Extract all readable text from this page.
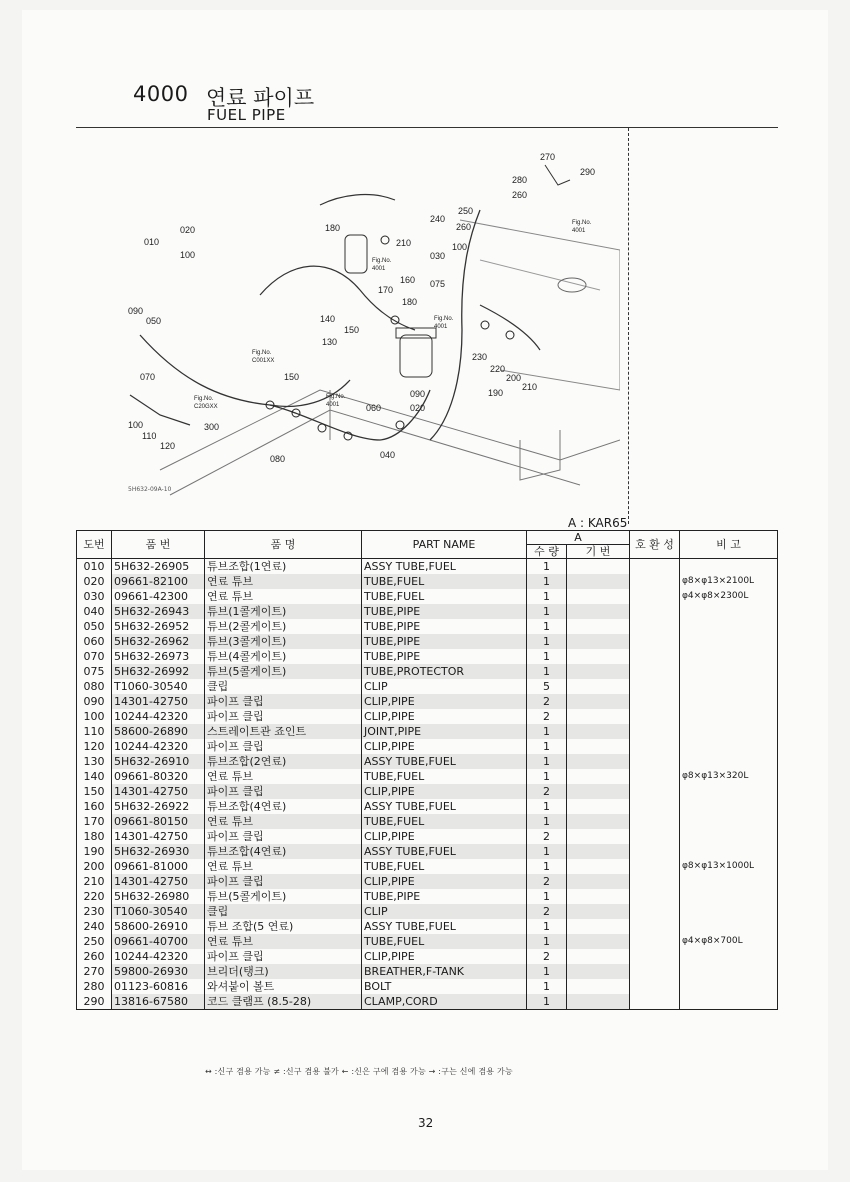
4000 연료 파이프
FUEL PIPE
010
020
100
090
050
070
100
110
120
300
080
150
140
150
130
180
210
160
170
180
060
090
020
040
030
075
100
240
250
260
270
280
260
290
230
220
200
210
190
Fig.No.
4001
Fig.No.
4001
Fig.No.
4001
Fig.No.
C001XX
Fig.No.
C20GXX
Fig.No.
4001
5H632-09A-10
A : KAR65
도번	품 번	품 명	PART NAME	A		호 환 성	비 고
				수 량	기 번		
010	5H632-26905	튜브조합(1연료)	ASSY TUBE,FUEL	1			
020	09661-82100	연료 튜브	TUBE,FUEL	1			φ8×φ13×2100L
030	09661-42300	연료 튜브	TUBE,FUEL	1			φ4×φ8×2300L
040	5H632-26943	튜브(1콜게이트)	TUBE,PIPE	1			
050	5H632-26952	튜브(2콜게이트)	TUBE,PIPE	1			
060	5H632-26962	튜브(3콜게이트)	TUBE,PIPE	1			
070	5H632-26973	튜브(4콜게이트)	TUBE,PIPE	1			
075	5H632-26992	튜브(5콜게이트)	TUBE,PROTECTOR	1			
080	T1060-30540	클립	CLIP	5			
090	14301-42750	파이프 클립	CLIP,PIPE	2			
100	10244-42320	파이프 클립	CLIP,PIPE	2			
110	58600-26890	스트레이트관 죠인트	JOINT,PIPE	1			
120	10244-42320	파이프 클립	CLIP,PIPE	1			
130	5H632-26910	튜브조합(2연료)	ASSY TUBE,FUEL	1			
140	09661-80320	연료 튜브	TUBE,FUEL	1			φ8×φ13×320L
150	14301-42750	파이프 클립	CLIP,PIPE	2			
160	5H632-26922	튜브조합(4연료)	ASSY TUBE,FUEL	1			
170	09661-80150	연료 튜브	TUBE,FUEL	1			
180	14301-42750	파이프 클립	CLIP,PIPE	2			
190	5H632-26930	튜브조합(4연료)	ASSY TUBE,FUEL	1			
200	09661-81000	연료 튜브	TUBE,FUEL	1			φ8×φ13×1000L
210	14301-42750	파이프 클립	CLIP,PIPE	2			
220	5H632-26980	튜브(5콜게이트)	TUBE,PIPE	1			
230	T1060-30540	클립	CLIP	2			
240	58600-26910	튜브 조합(5 연료)	ASSY TUBE,FUEL	1			
250	09661-40700	연료 튜브	TUBE,FUEL	1			φ4×φ8×700L
260	10244-42320	파이프 클립	CLIP,PIPE	2			
270	59800-26930	브리더(탱크)	BREATHER,F-TANK	1			
280	01123-60816	와셔붙이 볼트	BOLT	1			
290	13816-67580	코드 클램프 (8.5-28)	CLAMP,CORD	1			
↔ :신구 겸용 가능 ≠ :신구 겸용 불가 ← :신은 구에 겸용 가능 → :구는 신에 겸용 가능
32
